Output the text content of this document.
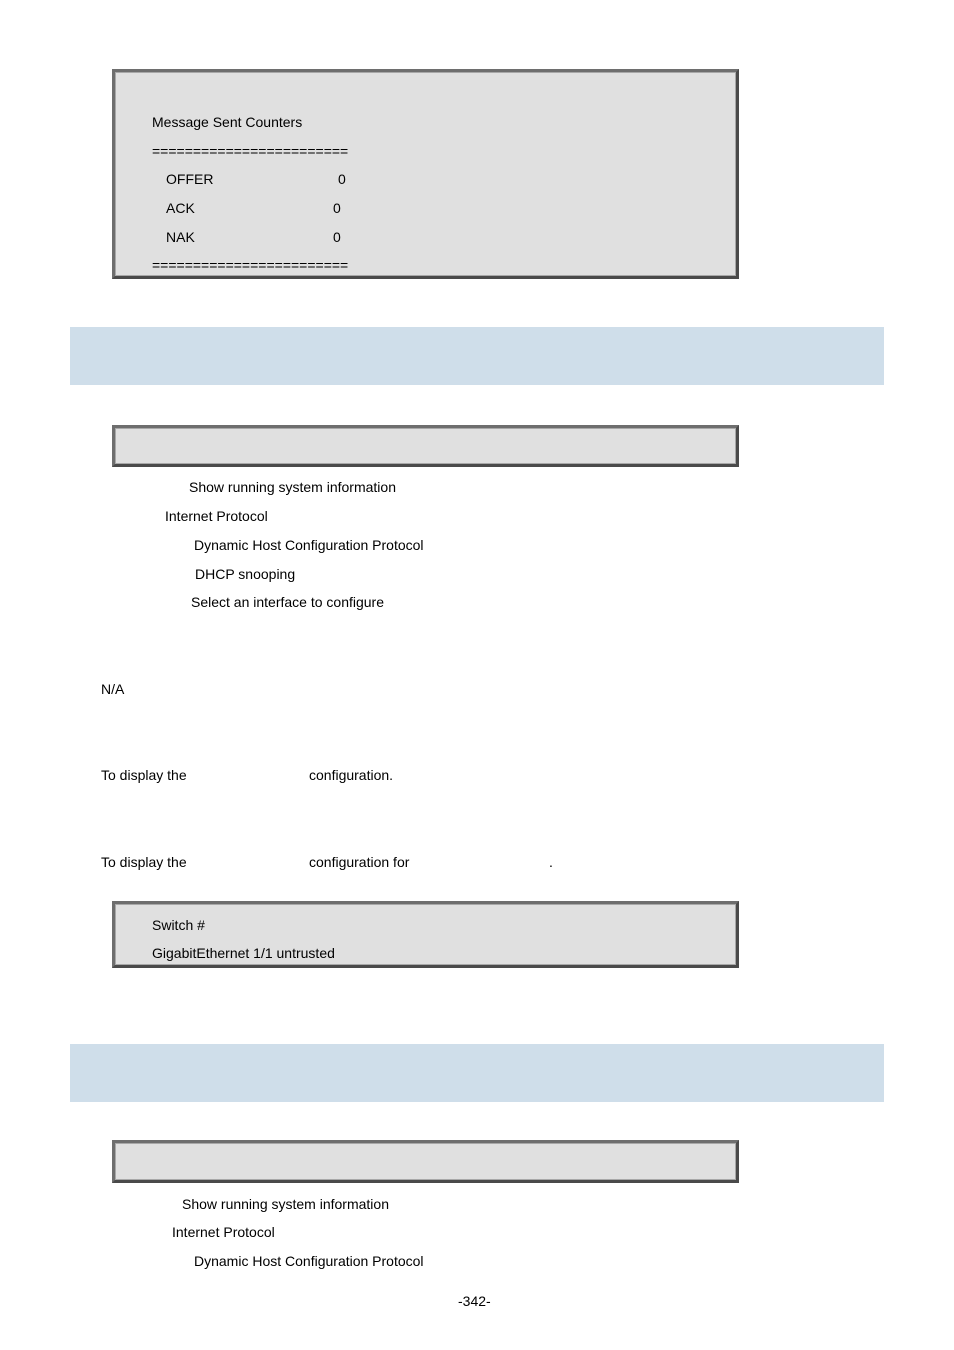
Message Sent Counters
========================
OFFER	0
ACK	0
NAK	0
========================
Show running system information
Internet Protocol
Dynamic Host Configuration Protocol
DHCP snooping
Select an interface to configure
N/A
To display the	configuration.
To display the	configuration for	.
Switch #
GigabitEthernet 1/1 untrusted
Show running system information
Internet Protocol
Dynamic Host Configuration Protocol
-342-
